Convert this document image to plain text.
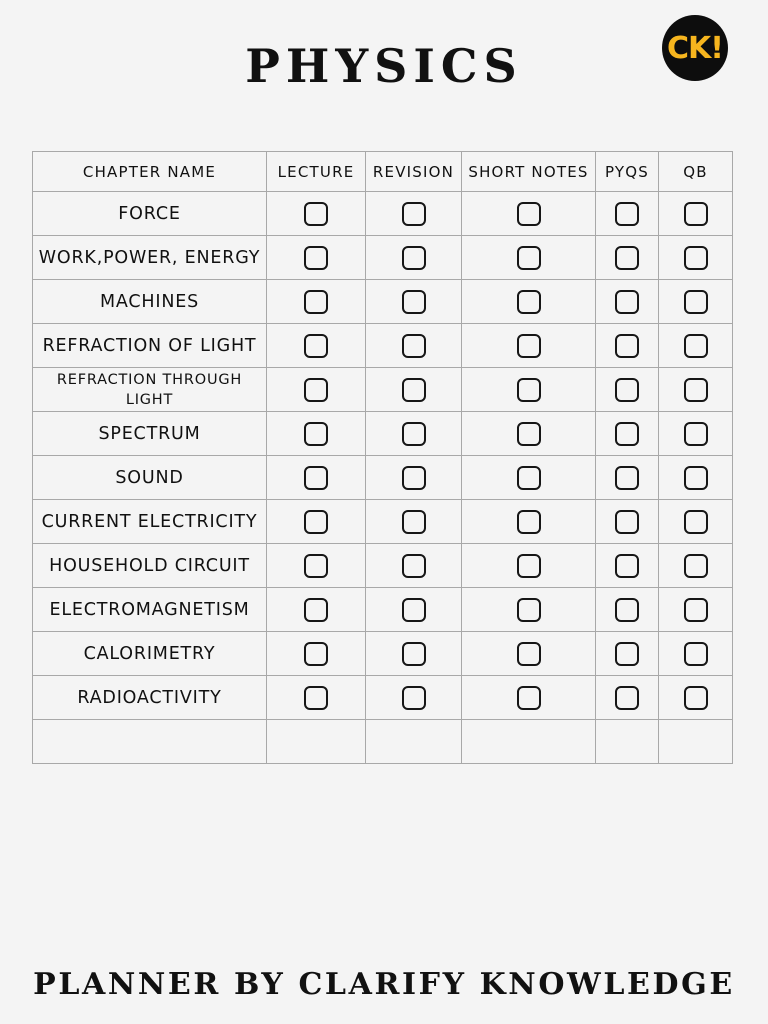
PHYSICS	CK!
CHAPTER NAME	LECTURE	REVISION	SHORT NOTES	PYQS	QB
FORCE					
WORK,POWER, ENERGY					
MACHINES					
REFRACTION OF LIGHT					
REFRACTION THROUGH LIGHT					
SPECTRUM					
SOUND					
CURRENT ELECTRICITY					
HOUSEHOLD CIRCUIT					
ELECTROMAGNETISM					
CALORIMETRY					
RADIOACTIVITY					

PLANNER BY CLARIFY KNOWLEDGE
